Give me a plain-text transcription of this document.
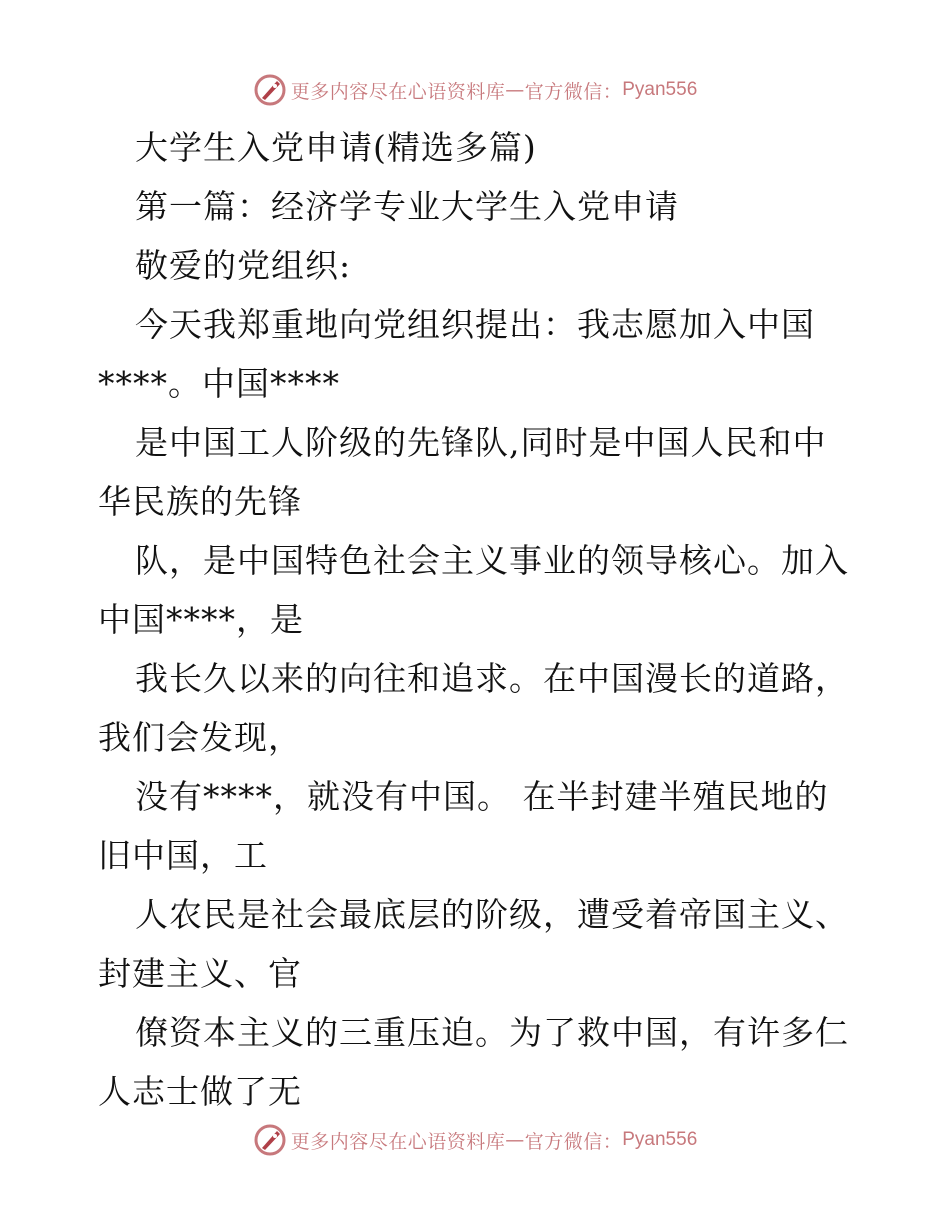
更多内容尽在心语资料库 — 官方微信： Pyan556
大学生入党申请(精选多篇)
第一篇：经济学专业大学生入党申请
敬爱的党组织:
今天我郑重地向党组织提出：我志愿加入中国
****。中国****
是中国工人阶级的先锋队,同时是中国人民和中
华民族的先锋
队，是中国特色社会主义事业的领导核心。加入
中国****，是
我长久以来的向往和追求。在中国漫长的道路，
我们会发现，
没有****，就没有中国。 在半封建半殖民地的
旧中国，工
人农民是社会最底层的阶级，遭受着帝国主义、
封建主义、官
僚资本主义的三重压迫。为了救中国，有许多仁
人志士做了无
更多内容尽在心语资料库 — 官方微信： Pyan556
